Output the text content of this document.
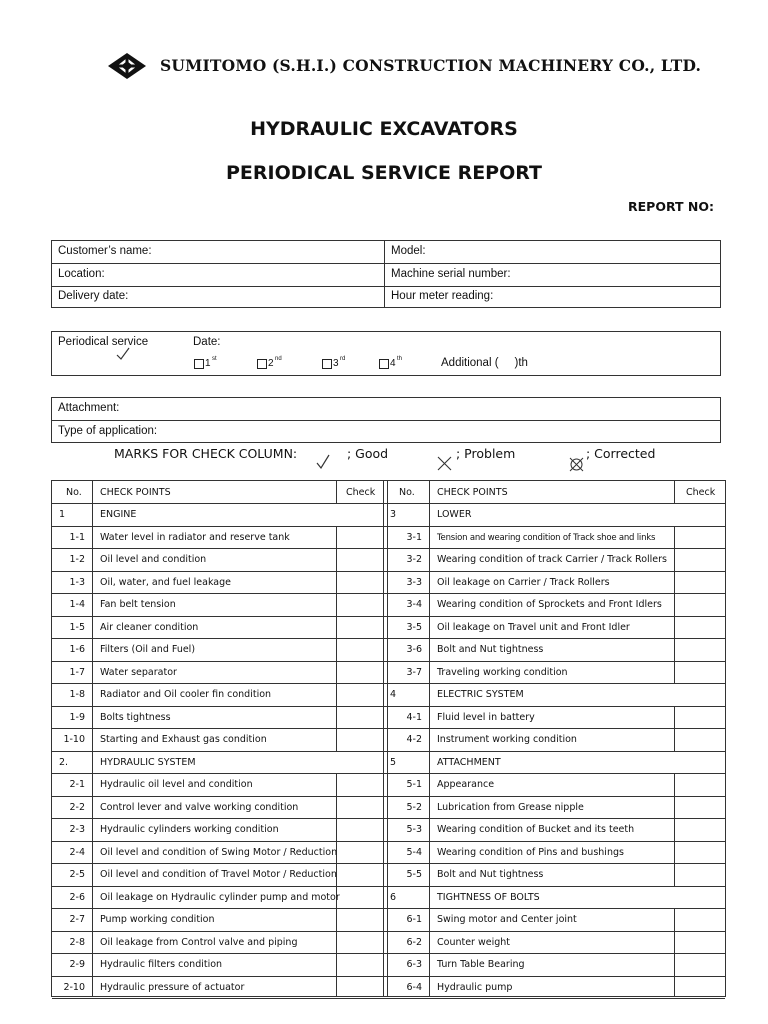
SUMITOMO (S.H.I.) CONSTRUCTION MACHINERY CO., LTD.
HYDRAULIC EXCAVATORS
PERIODICAL SERVICE REPORT
REPORT NO:
Customer’s name:	Model:
Location:	Machine serial number:
Delivery date:	Hour meter reading:
Periodical service	Date:
1 st	2 nd	3 rd	4 th	Additional (     )th
Attachment:
Type of application:
MARKS FOR CHECK COLUMN:	; Good	; Problem	; Corrected
No. CHECK POINTS	Check	No. CHECK POINTS	Check
1	ENGINE
1-1 Water level in radiator and reserve tank
1-2 Oil level and condition
1-3 Oil, water, and fuel leakage
1-4 Fan belt tension
1-5 Air cleaner condition
1-6 Filters (Oil and Fuel)
1-7 Water separator
1-8 Radiator and Oil cooler fin condition
1-9 Bolts tightness
1-10 Starting and Exhaust gas condition
2.	HYDRAULIC SYSTEM
2-1 Hydraulic oil level and condition
2-2 Control lever and valve working condition
2-3 Hydraulic cylinders working condition
2-4 Oil level and condition of Swing Motor / Reduction
2-5 Oil level and condition of Travel Motor / Reduction
2-6 Oil leakage on Hydraulic cylinder pump and motor
2-7 Pump working condition
2-8 Oil leakage from Control valve and piping
2-9 Hydraulic filters condition
2-10 Hydraulic pressure of actuator
3	LOWER
3-1 Tension and wearing condition of Track shoe and links
3-2 Wearing condition of track Carrier / Track Rollers
3-3 Oil leakage on Carrier / Track Rollers
3-4 Wearing condition of Sprockets and Front Idlers
3-5 Oil leakage on Travel unit and Front Idler
3-6 Bolt and Nut tightness
3-7 Traveling working condition
4	ELECTRIC SYSTEM
4-1 Fluid level in battery
4-2 Instrument working condition
5	ATTACHMENT
5-1 Appearance
5-2 Lubrication from Grease nipple
5-3 Wearing condition of Bucket and its teeth
5-4 Wearing condition of Pins and bushings
5-5 Bolt and Nut tightness
6	TIGHTNESS OF BOLTS
6-1 Swing motor and Center joint
6-2 Counter weight
6-3 Turn Table Bearing
6-4 Hydraulic pump
